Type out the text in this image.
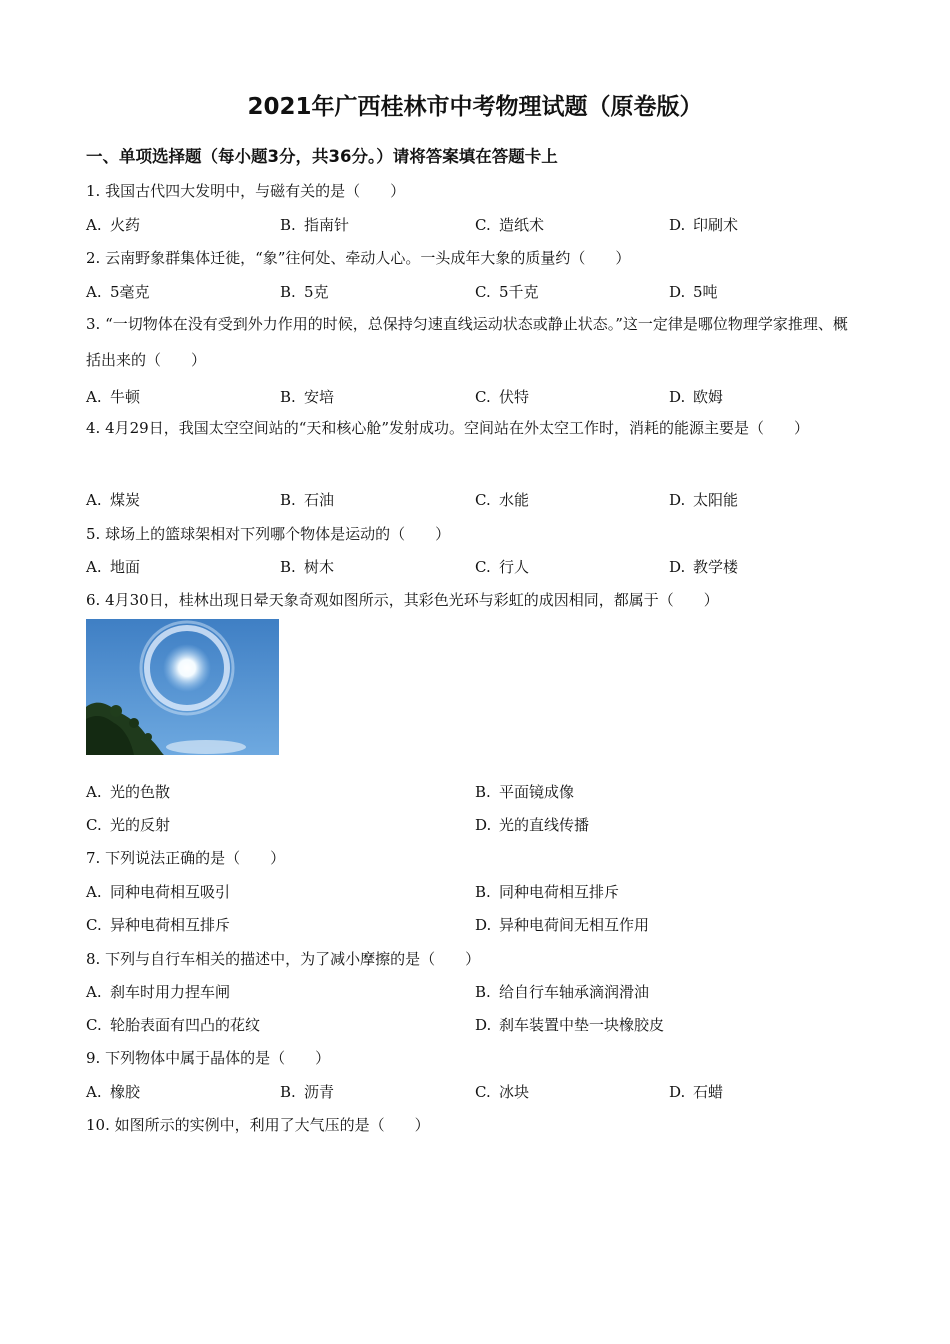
2021年广西桂林市中考物理试题（原卷版）
一、单项选择题（每小题3分，共36分。）请将答案填在答题卡上
1. 我国古代四大发明中，与磁有关的是（　　）
A. 火药	B. 指南针	C. 造纸术	D. 印刷术
2. 云南野象群集体迁徙，“象”往何处、牵动人心。一头成年大象的质量约（　　）
A. 5毫克	B. 5克	C. 5千克	D. 5吨
3. “一切物体在没有受到外力作用的时候，总保持匀速直线运动状态或静止状态。”这一定律是哪位物理学家推理、概括出来的（　　）
A. 牛顿	B. 安培	C. 伏特	D. 欧姆
4. 4月29日，我国太空空间站的“天和核心舱”发射成功。空间站在外太空工作时，消耗的能源主要是（　　）
A. 煤炭	B. 石油	C. 水能	D. 太阳能
5. 球场上的篮球架相对下列哪个物体是运动的（　　）
A. 地面	B. 树木	C. 行人	D. 教学楼
6. 4月30日，桂林出现日晕天象奇观如图所示，其彩色光环与彩虹的成因相同，都属于（　　）
A. 光的色散	B. 平面镜成像
C. 光的反射	D. 光的直线传播
7. 下列说法正确的是（　　）
A. 同种电荷相互吸引	B. 同种电荷相互排斥
C. 异种电荷相互排斥	D. 异种电荷间无相互作用
8. 下列与自行车相关的描述中，为了减小摩擦的是（　　）
A. 刹车时用力捏车闸	B. 给自行车轴承滴润滑油
C. 轮胎表面有凹凸的花纹	D. 刹车装置中垫一块橡胶皮
9. 下列物体中属于晶体的是（　　）
A. 橡胶	B. 沥青	C. 冰块	D. 石蜡
10. 如图所示的实例中，利用了大气压的是（　　）
